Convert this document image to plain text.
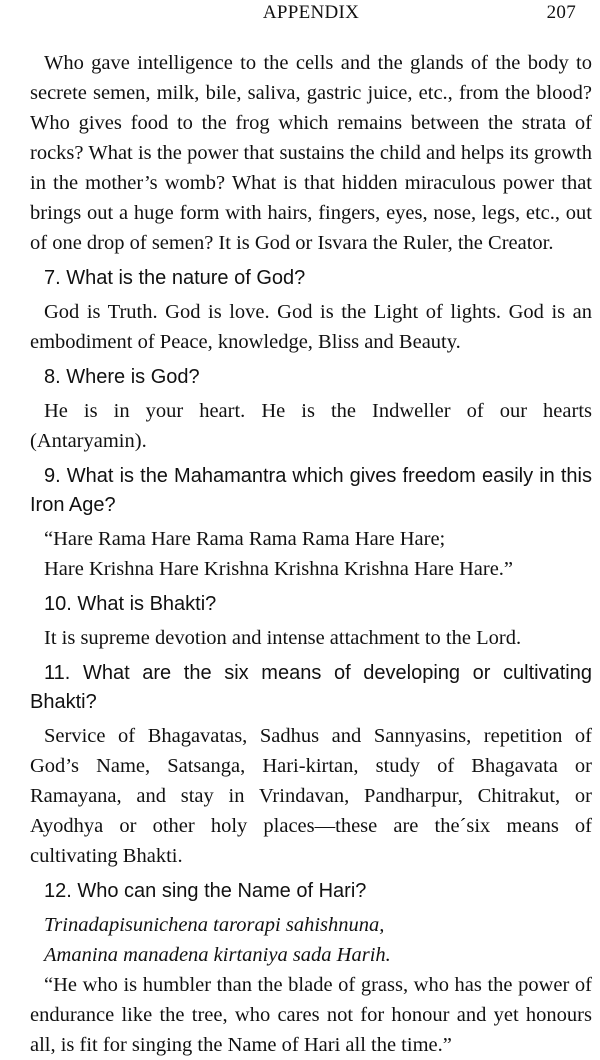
APPENDIX	207

Who gave intelligence to the cells and the glands of the body to secrete semen, milk, bile, saliva, gastric juice, etc., from the blood? Who gives food to the frog which remains between the strata of rocks? What is the power that sustains the child and helps its growth in the mother’s womb? What is that hidden miraculous power that brings out a huge form with hairs, fingers, eyes, nose, legs, etc., out of one drop of semen? It is God or Isvara the Ruler, the Creator.

7. What is the nature of God?

God is Truth. God is love. God is the Light of lights. God is an embodiment of Peace, knowledge, Bliss and Beauty.

8. Where is God?

He is in your heart. He is the Indweller of our hearts (Antaryamin).

9. What is the Mahamantra which gives freedom easily in this Iron Age?

“Hare Rama Hare Rama Rama Rama Hare Hare;

Hare Krishna Hare Krishna Krishna Krishna Hare Hare.”

10. What is Bhakti?

It is supreme devotion and intense attachment to the Lord.

11. What are the six means of developing or cultivating Bhakti?

Service of Bhagavatas, Sadhus and Sannyasins, repetition of God’s Name, Satsanga, Hari-kirtan, study of Bhagavata or Ramayana, and stay in Vrindavan, Pandharpur, Chitrakut, or Ayodhya or other holy places—these are the´six means of cultivating Bhakti.

12. Who can sing the Name of Hari?

Trinadapisunichena tarorapi sahishnuna,

Amanina manadena kirtaniya sada Harih.

“He who is humbler than the blade of grass, who has the power of endurance like the tree, who cares not for honour and yet honours all, is fit for singing the Name of Hari all the time.”
